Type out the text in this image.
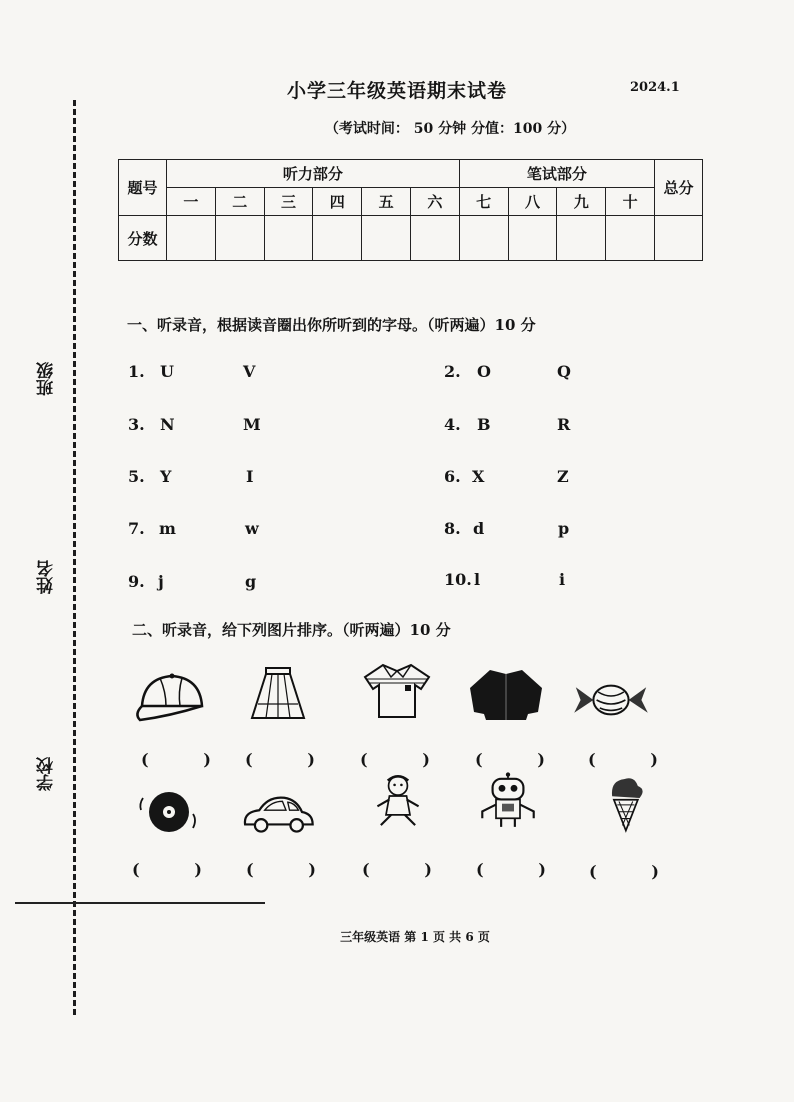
班级
姓名
学校
小学三年级英语期末试卷	2024.1
（考试时间： 50 分钟 分值：100 分）
题号	听力部分						笔试部分				总分
	一	二	三	四	五	六	七	八	九	十	
分数											
一、听录音，根据读音圈出你所听到的字母。（听两遍）10 分
1. U	V	2. O	Q
3. N	M	4. B	R
5. Y	I	6. X	Z
7. m	w	8. d	p
9. j	g	10. l	i
二、听录音，给下列图片排序。（听两遍）10 分
(	) (	)	(	)	(	)	(	)
(	)	(	)	(	)	(	)	(	)
三年级英语 第 1 页 共 6 页
